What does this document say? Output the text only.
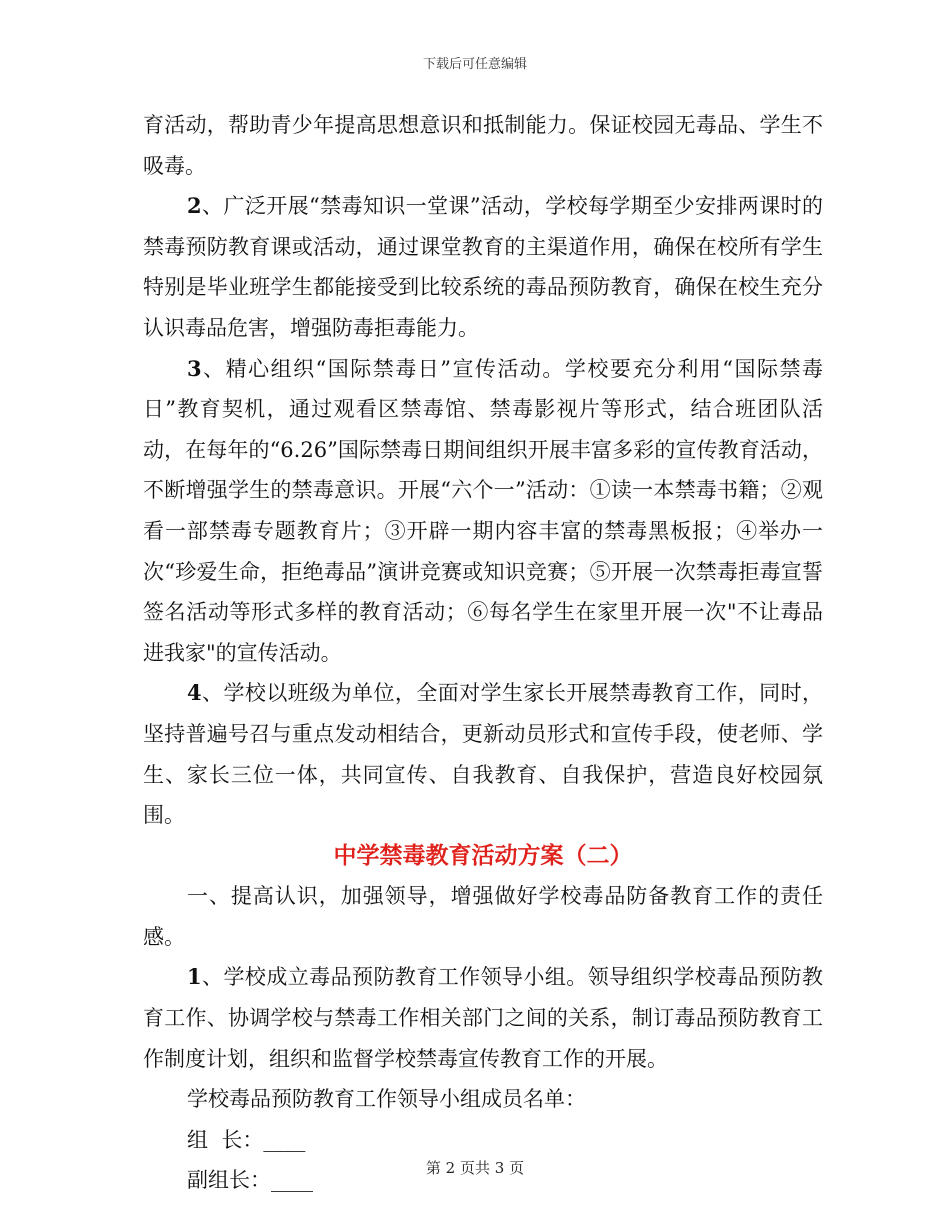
下载后可任意编辑

育活动，帮助青少年提高思想意识和抵制能力。保证校园无毒品、学生不吸毒。

2、广泛开展“禁毒知识一堂课”活动，学校每学期至少安排两课时的禁毒预防教育课或活动，通过课堂教育的主渠道作用，确保在校所有学生特别是毕业班学生都能接受到比较系统的毒品预防教育，确保在校生充分认识毒品危害，增强防毒拒毒能力。

3、精心组织“国际禁毒日”宣传活动。学校要充分利用“国际禁毒日”教育契机，通过观看区禁毒馆、禁毒影视片等形式，结合班团队活动，在每年的“6.26”国际禁毒日期间组织开展丰富多彩的宣传教育活动，不断增强学生的禁毒意识。开展“六个一”活动：①读一本禁毒书籍；②观看一部禁毒专题教育片；③开辟一期内容丰富的禁毒黑板报；④举办一次“珍爱生命，拒绝毒品”演讲竞赛或知识竞赛；⑤开展一次禁毒拒毒宣誓签名活动等形式多样的教育活动；⑥每名学生在家里开展一次"不让毒品进我家"的宣传活动。

4、学校以班级为单位，全面对学生家长开展禁毒教育工作，同时，坚持普遍号召与重点发动相结合，更新动员形式和宣传手段，使老师、学生、家长三位一体，共同宣传、自我教育、自我保护，营造良好校园氛围。

中学禁毒教育活动方案（二）

一、提高认识，加强领导，增强做好学校毒品防备教育工作的责任感。

1、学校成立毒品预防教育工作领导小组。领导组织学校毒品预防教育工作、协调学校与禁毒工作相关部门之间的关系，制订毒品预防教育工作制度计划，组织和监督学校禁毒宣传教育工作的开展。

学校毒品预防教育工作领导小组成员名单：
组  长：____
副组长：____

第 2 页共 3 页
